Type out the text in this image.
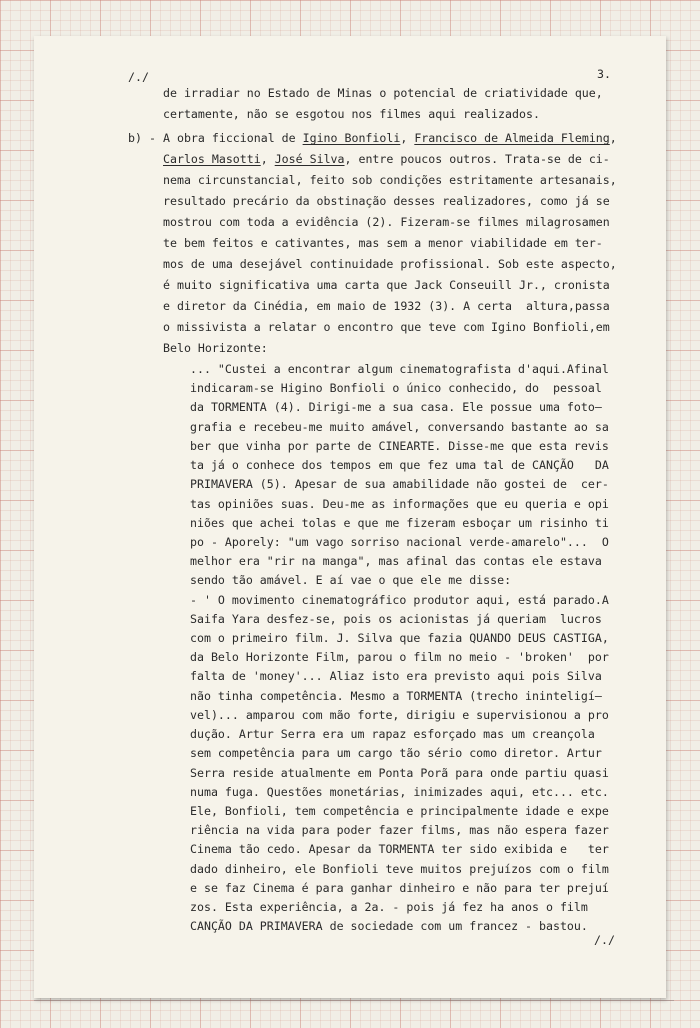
/./	3.
de irradiar no Estado de Minas o potencial de criatividade que,
certamente, não se esgotou nos filmes aqui realizados.
b) - A obra ficcional de Igino Bonfioli, Francisco de Almeida Fleming,
Carlos Masotti, José Silva, entre poucos outros. Trata-se de ci-
nema circunstancial, feito sob condições estritamente artesanais,
resultado precário da obstinação desses realizadores, como já se
mostrou com toda a evidência (2). Fizeram-se filmes milagrosamen
te bem feitos e cativantes, mas sem a menor viabilidade em ter-
mos de uma desejável continuidade profissional. Sob este aspecto,
é muito significativa uma carta que Jack Conseuill Jr., cronista
e diretor da Cinédia, em maio de 1932 (3). A certa  altura,passa
o missivista a relatar o encontro que teve com Igino Bonfioli,em
Belo Horizonte:
... "Custei a encontrar algum cinematografista d'aqui.Afinal
indicaram-se Higino Bonfioli o único conhecido, do  pessoal
da TORMENTA (4). Dirigi-me a sua casa. Ele possue uma foto—
grafia e recebeu-me muito amável, conversando bastante ao sa
ber que vinha por parte de CINEARTE. Disse-me que esta revis
ta já o conhece dos tempos em que fez uma tal de CANÇÃO   DA
PRIMAVERA (5). Apesar de sua amabilidade não gostei de  cer-
tas opiniões suas. Deu-me as informações que eu queria e opi
niões que achei tolas e que me fizeram esboçar um risinho ti
po - Aporely: "um vago sorriso nacional verde-amarelo"...  O
melhor era "rir na manga", mas afinal das contas ele estava
sendo tão amável. E aí vae o que ele me disse:
- ' O movimento cinematográfico produtor aqui, está parado.A
Saifa Yara desfez-se, pois os acionistas já queriam  lucros
com o primeiro film. J. Silva que fazia QUANDO DEUS CASTIGA,
da Belo Horizonte Film, parou o film no meio - 'broken'  por
falta de 'money'... Aliaz isto era previsto aqui pois Silva
não tinha competência. Mesmo a TORMENTA (trecho ininteligí—
vel)... amparou com mão forte, dirigiu e supervisionou a pro
dução. Artur Serra era um rapaz esforçado mas um creançola
sem competência para um cargo tão sério como diretor. Artur
Serra reside atualmente em Ponta Porã para onde partiu quasi
numa fuga. Questões monetárias, inimizades aqui, etc... etc.
Ele, Bonfioli, tem competência e principalmente idade e expe
riência na vida para poder fazer films, mas não espera fazer
Cinema tão cedo. Apesar da TORMENTA ter sido exibida e   ter
dado dinheiro, ele Bonfioli teve muitos prejuízos com o film
e se faz Cinema é para ganhar dinheiro e não para ter prejuí
zos. Esta experiência, a 2a. - pois já fez ha anos o film
CANÇÃO DA PRIMAVERA de sociedade com um francez - bastou.
/./
